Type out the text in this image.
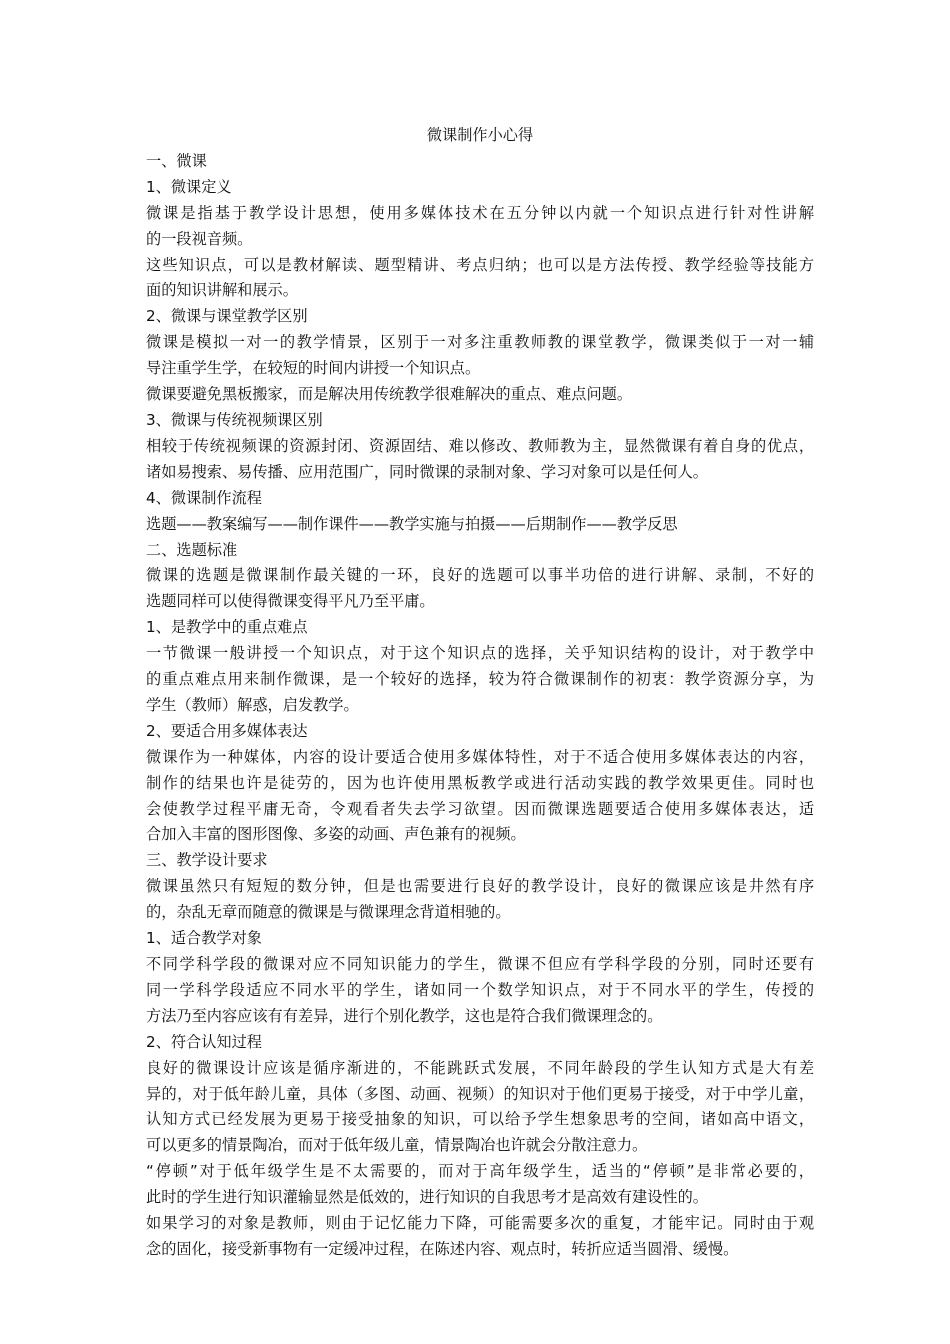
微课制作小心得

一、微课

1、微课定义

微课是指基于教学设计思想，使用多媒体技术在五分钟以内就一个知识点进行针对性讲解

的一段视音频。

这些知识点，可以是教材解读、题型精讲、考点归纳；也可以是方法传授、教学经验等技能方

面的知识讲解和展示。

2、微课与课堂教学区别

微课是模拟一对一的教学情景，区别于一对多注重教师教的课堂教学，微课类似于一对一辅

导注重学生学，在较短的时间内讲授一个知识点。

微课要避免黑板搬家，而是解决用传统教学很难解决的重点、难点问题。

3、微课与传统视频课区别

相较于传统视频课的资源封闭、资源固结、难以修改、教师教为主，显然微课有着自身的优点，

诸如易搜索、易传播、应用范围广，同时微课的录制对象、学习对象可以是任何人。

4、微课制作流程

选题——教案编写——制作课件——教学实施与拍摄——后期制作——教学反思

二、选题标准

微课的选题是微课制作最关键的一环，良好的选题可以事半功倍的进行讲解、录制，不好的

选题同样可以使得微课变得平凡乃至平庸。

1、是教学中的重点难点

一节微课一般讲授一个知识点，对于这个知识点的选择，关乎知识结构的设计，对于教学中

的重点难点用来制作微课，是一个较好的选择，较为符合微课制作的初衷：教学资源分享，为

学生（教师）解惑，启发教学。

2、要适合用多媒体表达

微课作为一种媒体，内容的设计要适合使用多媒体特性，对于不适合使用多媒体表达的内容，

制作的结果也许是徒劳的，因为也许使用黑板教学或进行活动实践的教学效果更佳。同时也

会使教学过程平庸无奇，令观看者失去学习欲望。因而微课选题要适合使用多媒体表达，适

合加入丰富的图形图像、多姿的动画、声色兼有的视频。

三、教学设计要求

微课虽然只有短短的数分钟，但是也需要进行良好的教学设计，良好的微课应该是井然有序

的，杂乱无章而随意的微课是与微课理念背道相驰的。

1、适合教学对象

不同学科学段的微课对应不同知识能力的学生，微课不但应有学科学段的分别，同时还要有

同一学科学段适应不同水平的学生，诸如同一个数学知识点，对于不同水平的学生，传授的

方法乃至内容应该有有差异，进行个别化教学，这也是符合我们微课理念的。

2、符合认知过程

良好的微课设计应该是循序渐进的，不能跳跃式发展，不同年龄段的学生认知方式是大有差

异的，对于低年龄儿童，具体（多图、动画、视频）的知识对于他们更易于接受，对于中学儿童，

认知方式已经发展为更易于接受抽象的知识，可以给予学生想象思考的空间，诸如高中语文，

可以更多的情景陶冶，而对于低年级儿童，情景陶冶也许就会分散注意力。

“停顿”对于低年级学生是不太需要的，而对于高年级学生，适当的“停顿”是非常必要的，

此时的学生进行知识灌输显然是低效的，进行知识的自我思考才是高效有建设性的。

如果学习的对象是教师，则由于记忆能力下降，可能需要多次的重复，才能牢记。同时由于观

念的固化，接受新事物有一定缓冲过程，在陈述内容、观点时，转折应适当圆滑、缓慢。
